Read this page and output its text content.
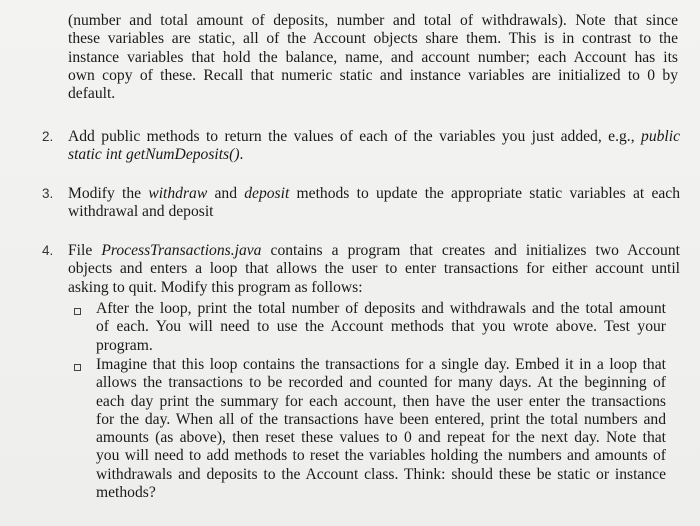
(number and total amount of deposits, number and total of withdrawals). Note that since
these variables are static, all of the Account objects share them. This is in contrast to the
instance variables that hold the balance, name, and account number; each Account has its
own copy of these. Recall that numeric static and instance variables are initialized to 0 by
default.
2. Add public methods to return the values of each of the variables you just added, e.g., public
static int getNumDeposits().
3. Modify the withdraw and deposit methods to update the appropriate static variables at each
withdrawal and deposit
4. File ProcessTransactions.java contains a program that creates and initializes two Account
objects and enters a loop that allows the user to enter transactions for either account until
asking to quit. Modify this program as follows:
After the loop, print the total number of deposits and withdrawals and the total amount
of each. You will need to use the Account methods that you wrote above. Test your
program.
Imagine that this loop contains the transactions for a single day. Embed it in a loop that
allows the transactions to be recorded and counted for many days. At the beginning of
each day print the summary for each account, then have the user enter the transactions
for the day. When all of the transactions have been entered, print the total numbers and
amounts (as above), then reset these values to 0 and repeat for the next day. Note that
you will need to add methods to reset the variables holding the numbers and amounts of
withdrawals and deposits to the Account class. Think: should these be static or instance
methods?
